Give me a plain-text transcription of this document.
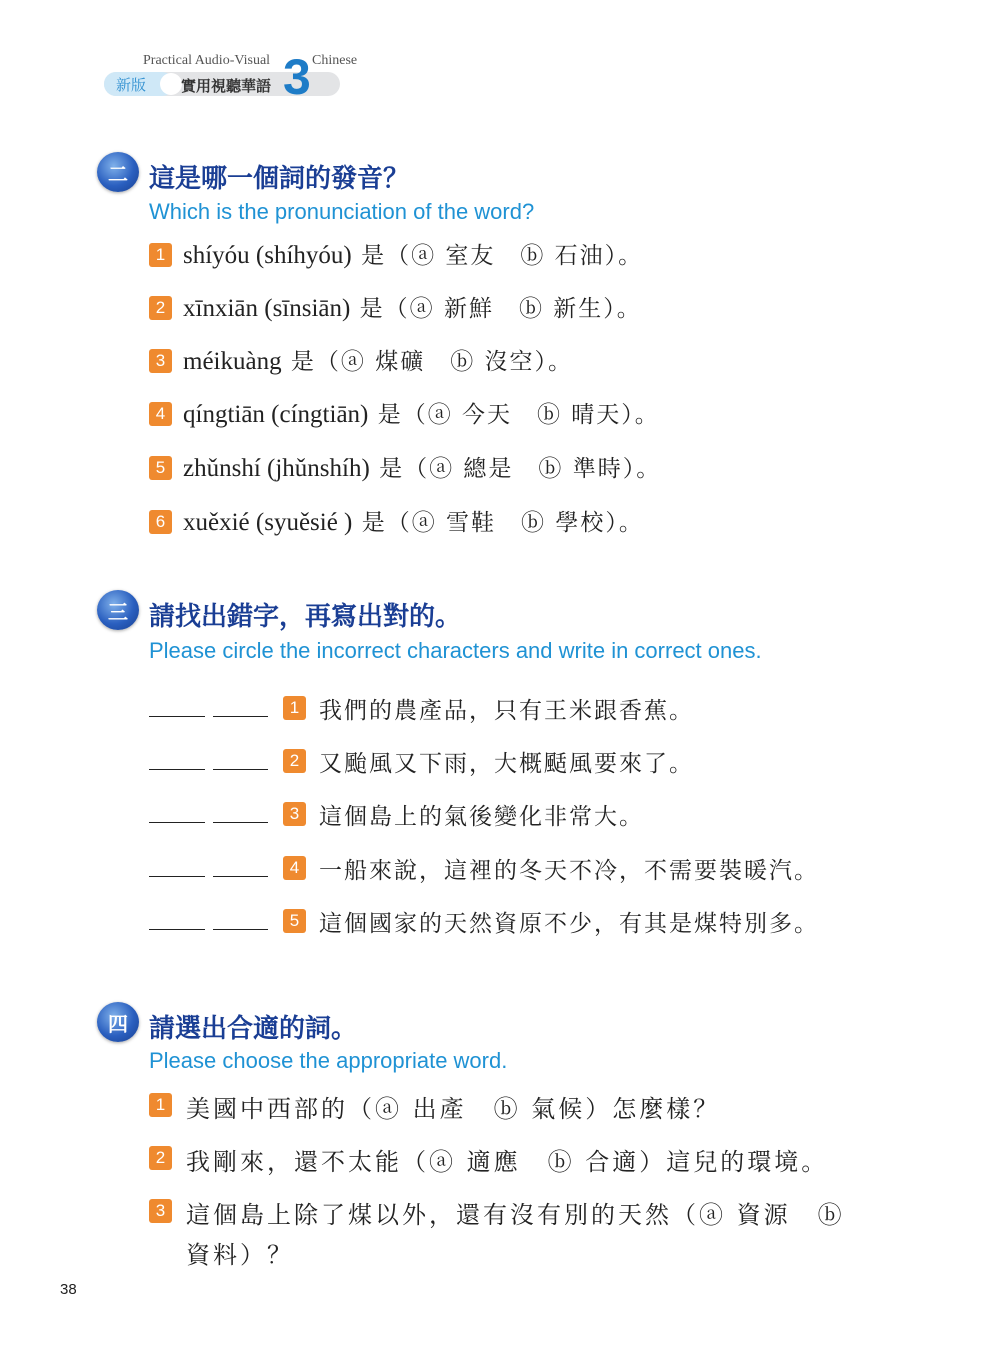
Practical Audio-Visual	Chinese
新版 實用視聽華語 3
二 這是哪一個詞的發音？
Which is the pronunciation of the word?
1 shíyóu (shíhyóu) 是（ⓐ 室友　ⓑ 石油）。
2 xīnxiān (sīnsiān) 是（ⓐ 新鮮　ⓑ 新生）。
3 méikuàng 是（ⓐ 煤礦　ⓑ 沒空）。
4 qíngtiān (cíngtiān) 是（ⓐ 今天　ⓑ 晴天）。
5 zhǔnshí (jhǔnshíh) 是（ⓐ 總是　ⓑ 準時）。
6 xuěxié (syuěsié ) 是（ⓐ 雪鞋　ⓑ 學校）。
三 請找出錯字，再寫出對的。
Please circle the incorrect characters and write in correct ones.
1 我們的農產品，只有王米跟香蕉。
2 又颱風又下雨，大概颳風要來了。
3 這個島上的氣後變化非常大。
4 一船來說，這裡的冬天不冷，不需要裝暖汽。
5 這個國家的天然資原不少，有其是煤特別多。
四 請選出合適的詞。
Please choose the appropriate word.
1 美國中西部的（ⓐ 出產　ⓑ 氣候）怎麼樣？
2 我剛來，還不太能（ⓐ 適應　ⓑ 合適）這兒的環境。
3 這個島上除了煤以外，還有沒有別的天然（ⓐ 資源　ⓑ
資料）？
38
